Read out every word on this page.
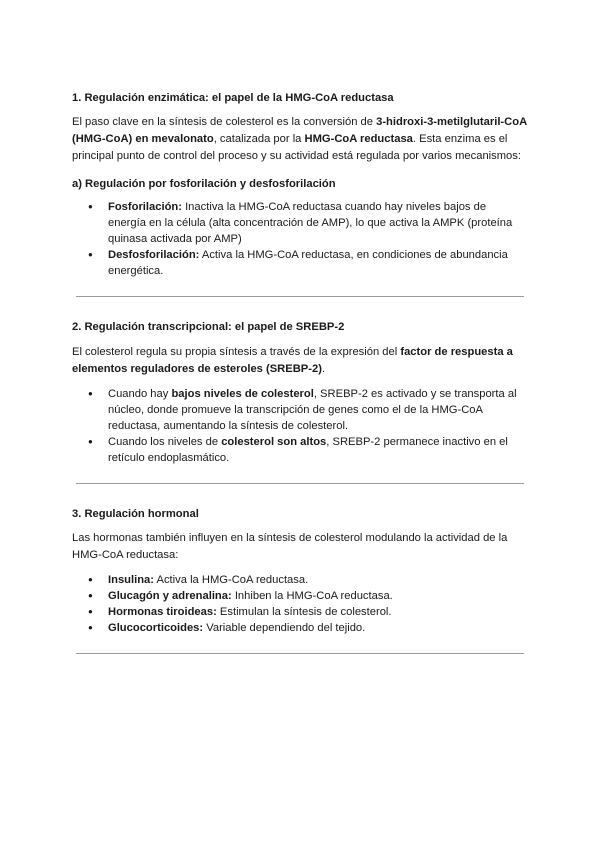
1. Regulación enzimática: el papel de la HMG-CoA reductasa

El paso clave en la síntesis de colesterol es la conversión de 3-hidroxi-3-metilglutaril-CoA (HMG-CoA) en mevalonato, catalizada por la HMG-CoA reductasa. Esta enzima es el principal punto de control del proceso y su actividad está regulada por varios mecanismos:

a) Regulación por fosforilación y desfosforilación
● Fosforilación: Inactiva la HMG-CoA reductasa cuando hay niveles bajos de energía en la célula (alta concentración de AMP), lo que activa la AMPK (proteína quinasa activada por AMP)
● Desfosforilación: Activa la HMG-CoA reductasa, en condiciones de abundancia energética.
2. Regulación transcripcional: el papel de SREBP-2

El colesterol regula su propia síntesis a través de la expresión del factor de respuesta a elementos reguladores de esteroles (SREBP-2).

● Cuando hay bajos niveles de colesterol, SREBP-2 es activado y se transporta al núcleo, donde promueve la transcripción de genes como el de la HMG-CoA reductasa, aumentando la síntesis de colesterol.
● Cuando los niveles de colesterol son altos, SREBP-2 permanece inactivo en el retículo endoplasmático.
3. Regulación hormonal

Las hormonas también influyen en la síntesis de colesterol modulando la actividad de la HMG-CoA reductasa:

● Insulina: Activa la HMG-CoA reductasa.
● Glucagón y adrenalina: Inhiben la HMG-CoA reductasa.
● Hormonas tiroideas: Estimulan la síntesis de colesterol.
● Glucocorticoides: Variable dependiendo del tejido.
